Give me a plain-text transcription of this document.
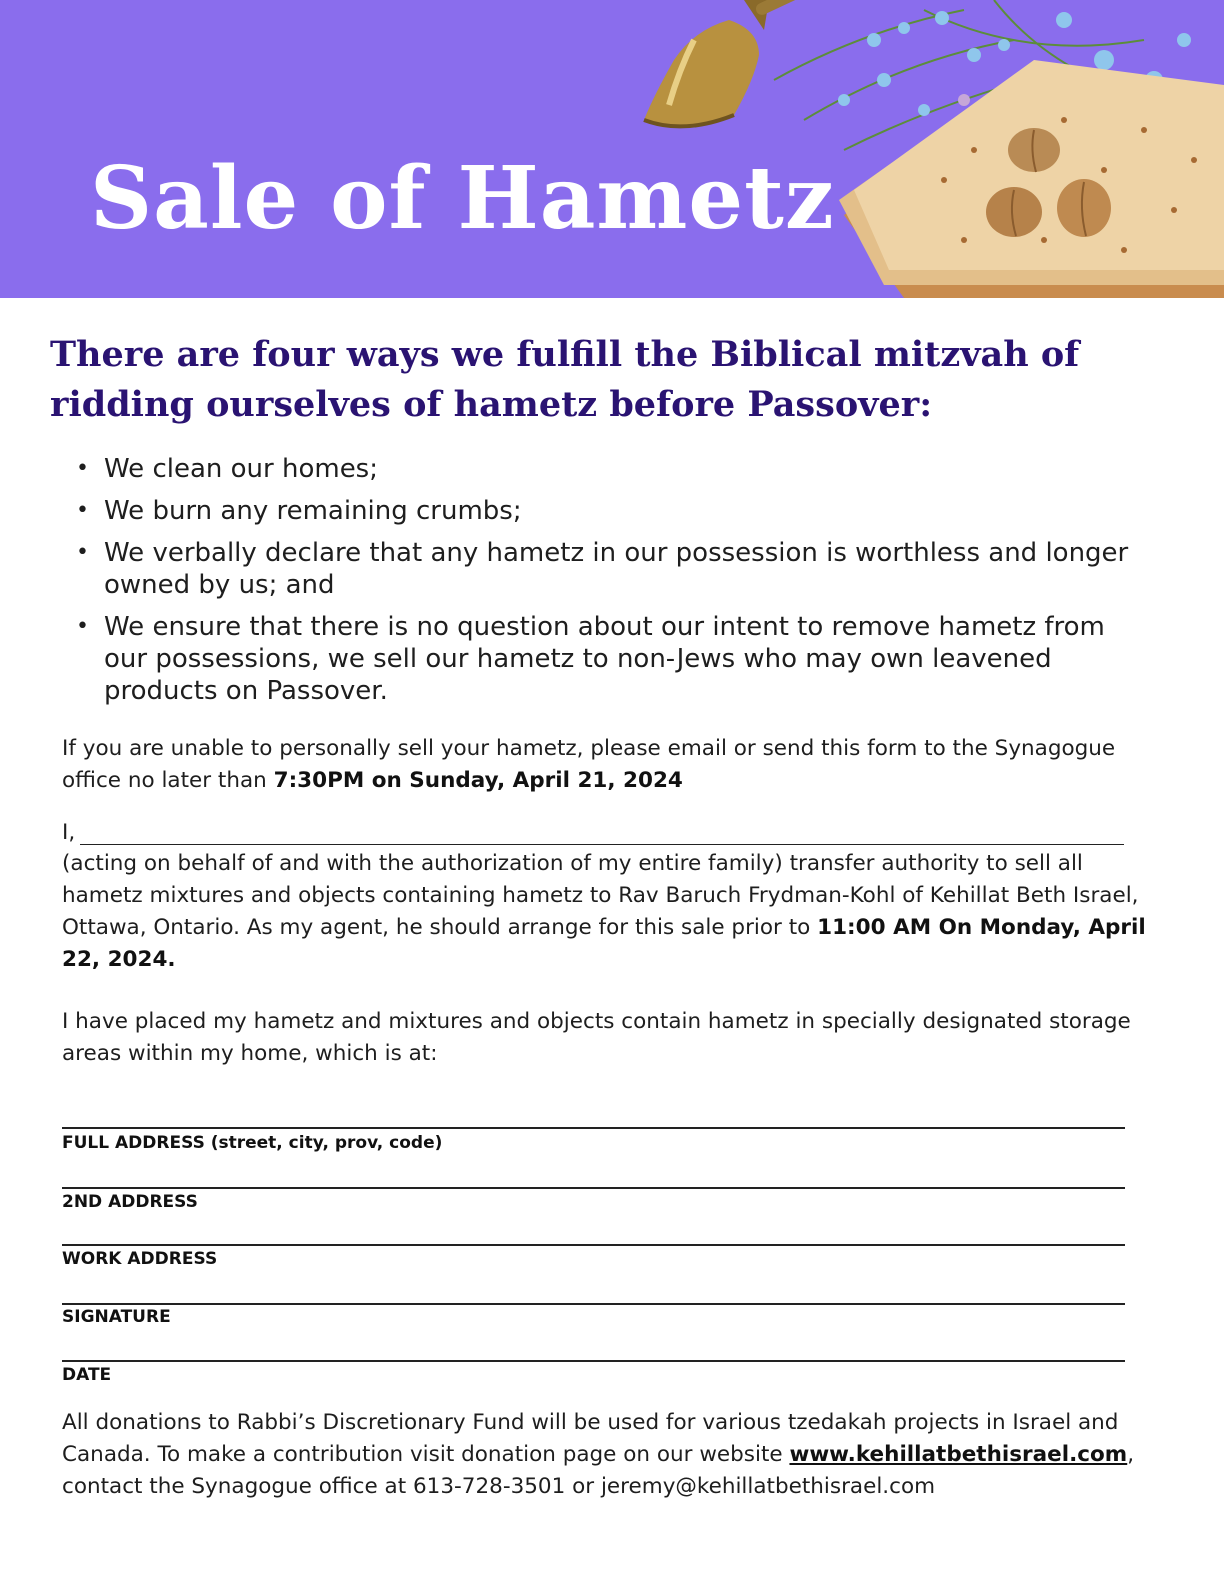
Sale of Hametz
There are four ways we fulfill the Biblical mitzvah of ridding ourselves of hametz before Passover:
• We clean our homes;
• We burn any remaining crumbs;
• We verbally declare that any hametz in our possession is worthless and longer owned by us; and
• We ensure that there is no question about our intent to remove hametz from our possessions, we sell our hametz to non-Jews who may own leavened products on Passover.
If you are unable to personally sell your hametz, please email or send this form to the Synagogue office no later than 7:30PM on Sunday, April 21, 2024
I,
(acting on behalf of and with the authorization of my entire family) transfer authority to sell all hametz mixtures and objects containing hametz to Rav Baruch Frydman-Kohl of Kehillat Beth Israel, Ottawa, Ontario. As my agent, he should arrange for this sale prior to 11:00 AM On Monday, April 22, 2024.
I have placed my hametz and mixtures and objects contain hametz in specially designated storage areas within my home, which is at:
FULL ADDRESS (street, city, prov, code)
2ND ADDRESS
WORK ADDRESS
SIGNATURE
DATE
All donations to Rabbi’s Discretionary Fund will be used for various tzedakah projects in Israel and Canada. To make a contribution visit donation page on our website www.kehillatbethisrael.com, contact the Synagogue office at 613-728-3501 or jeremy@kehillatbethisrael.com
